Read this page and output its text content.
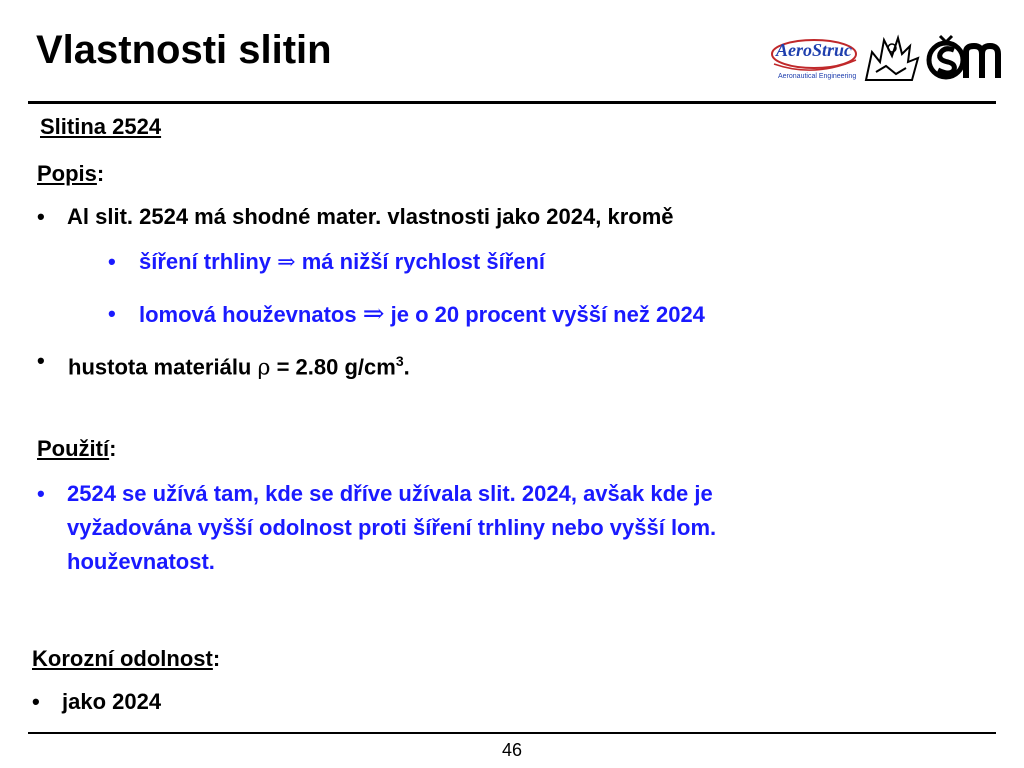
Vlastnosti slitin	AeroStruc
Aeronautical Engineering
Slitina 2524
Popis:
• Al slit. 2524 má shodné mater. vlastnosti jako 2024, kromě
• šíření trhliny ⇒ má nižší rychlost šíření
• lomová houževnatos ⇒ je o 20 procent vyšší než 2024
• hustota materiálu ρ = 2.80 $g/cm^3$.
Použití:
• 2524 se užívá tam, kde se dříve užívala slit. 2024, avšak kde je
vyžadována vyšší odolnost proti šíření trhliny nebo vyšší lom.
houževnatost.
Korozní odolnost:
• jako 2024
46
